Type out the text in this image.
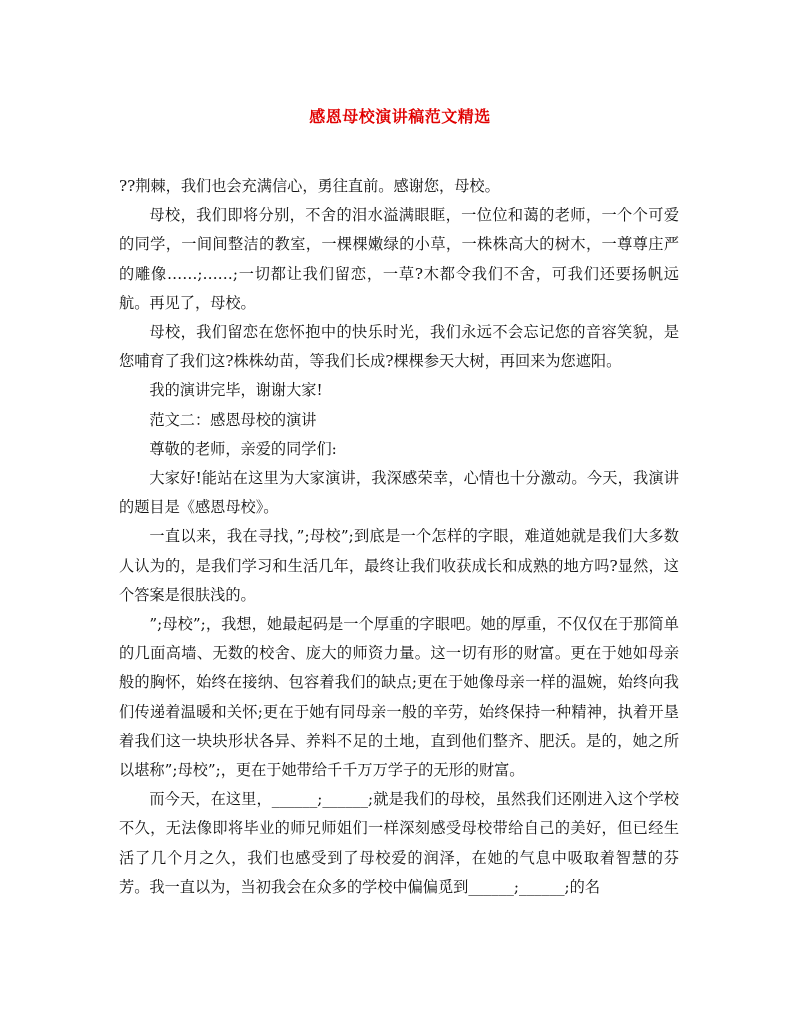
感恩母校演讲稿范文精选

??荆棘，我们也会充满信心，勇往直前。感谢您，母校。

母校，我们即将分别，不舍的泪水溢满眼眶，一位位和蔼的老师，一个个可爱的同学，一间间整洁的教室，一棵棵嫩绿的小草，一株株高大的树木，一尊尊庄严的雕像……;……;一切都让我们留恋，一草?木都令我们不舍，可我们还要扬帆远航。再见了，母校。

母校，我们留恋在您怀抱中的快乐时光，我们永远不会忘记您的音容笑貌，是您哺育了我们这?株株幼苗，等我们长成?棵棵参天大树，再回来为您遮阳。

我的演讲完毕，谢谢大家!

范文二：感恩母校的演讲

尊敬的老师，亲爱的同学们:

大家好!能站在这里为大家演讲，我深感荣幸，心情也十分激动。今天，我演讲的题目是《感恩母校》。

一直以来，我在寻找，”;母校”;到底是一个怎样的字眼，难道她就是我们大多数人认为的，是我们学习和生活几年，最终让我们收获成长和成熟的地方吗?显然，这个答案是很肤浅的。

”;母校”;，我想，她最起码是一个厚重的字眼吧。她的厚重，不仅仅在于那简单的几面高墙、无数的校舍、庞大的师资力量。这一切有形的财富。更在于她如母亲般的胸怀，始终在接纳、包容着我们的缺点;更在于她像母亲一样的温婉，始终向我们传递着温暖和关怀;更在于她有同母亲一般的辛劳，始终保持一种精神，执着开垦着我们这一块块形状各异、养料不足的土地，直到他们整齐、肥沃。是的，她之所以堪称”;母校”;，更在于她带给千千万万学子的无形的财富。

而今天，在这里，______;______;就是我们的母校，虽然我们还刚进入这个学校不久，无法像即将毕业的师兄师姐们一样深刻感受母校带给自己的美好，但已经生活了几个月之久，我们也感受到了母校爱的润泽，在她的气息中吸取着智慧的芬芳。我一直以为，当初我会在众多的学校中偏偏觅到______;______;的名
